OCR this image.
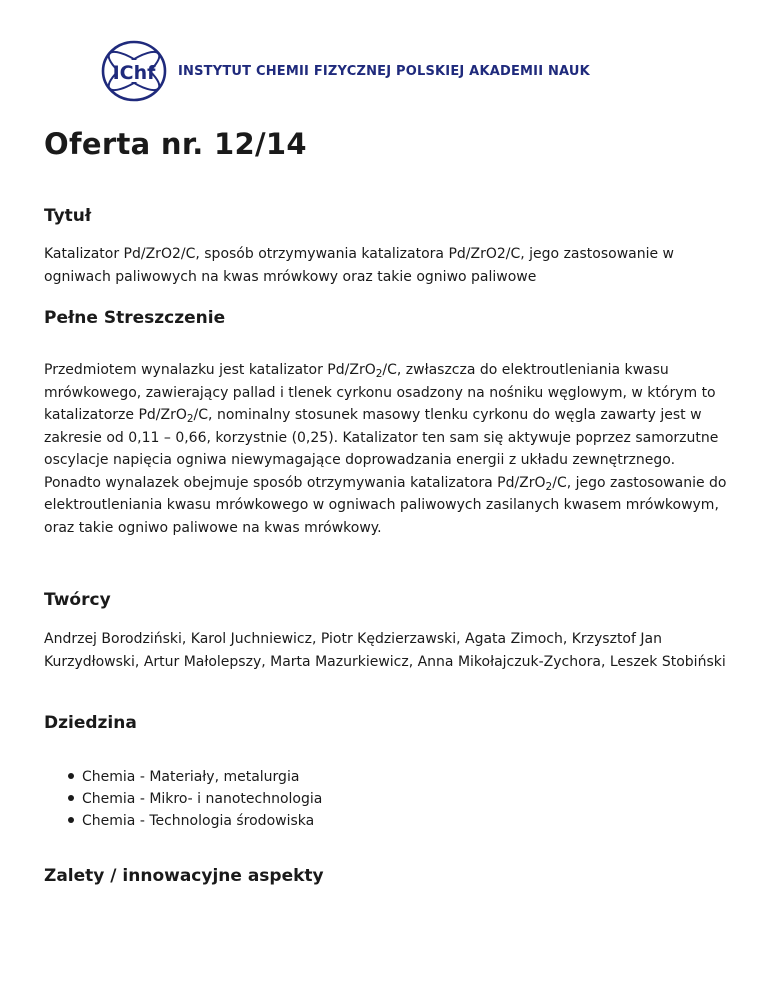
IChf INSTYTUT CHEMII FIZYCZNEJ POLSKIEJ AKADEMII NAUK
Oferta nr. 12/14
Tytuł

Katalizator Pd/ZrO2/C, sposób otrzymywania katalizatora Pd/ZrO2/C, jego zastosowanie w ogniwach paliwowych na kwas mrówkowy oraz takie ogniwo paliwowe

Pełne Streszczenie

Przedmiotem wynalazku jest katalizator Pd/ZrO$_2$/C, zwłaszcza do elektroutleniania kwasu mrówkowego, zawierający pallad i tlenek cyrkonu osadzony na nośniku węglowym, w którym to katalizatorze Pd/ZrO$_2$/C, nominalny stosunek masowy tlenku cyrkonu do węgla zawarty jest w zakresie od 0,11 – 0,66, korzystnie (0,25). Katalizator ten sam się aktywuje poprzez samorzutne oscylacje napięcia ogniwa niewymagające doprowadzania energii z układu zewnętrznego. Ponadto wynalazek obejmuje sposób otrzymywania katalizatora Pd/ZrO$_2$/C, jego zastosowanie do elektroutleniania kwasu mrówkowego w ogniwach paliwowych zasilanych kwasem mrówkowym, oraz takie ogniwo paliwowe na kwas mrówkowy.

Twórcy

Andrzej Borodziński, Karol Juchniewicz, Piotr Kędzierzawski, Agata Zimoch, Krzysztof Jan Kurzydłowski, Artur Małolepszy, Marta Mazurkiewicz, Anna Mikołajczuk-Zychora, Leszek Stobiński

Dziedzina
Chemia - Materiały, metalurgia
Chemia - Mikro- i nanotechnologia
Chemia - Technologia środowiska
Zalety / innowacyjne aspekty
